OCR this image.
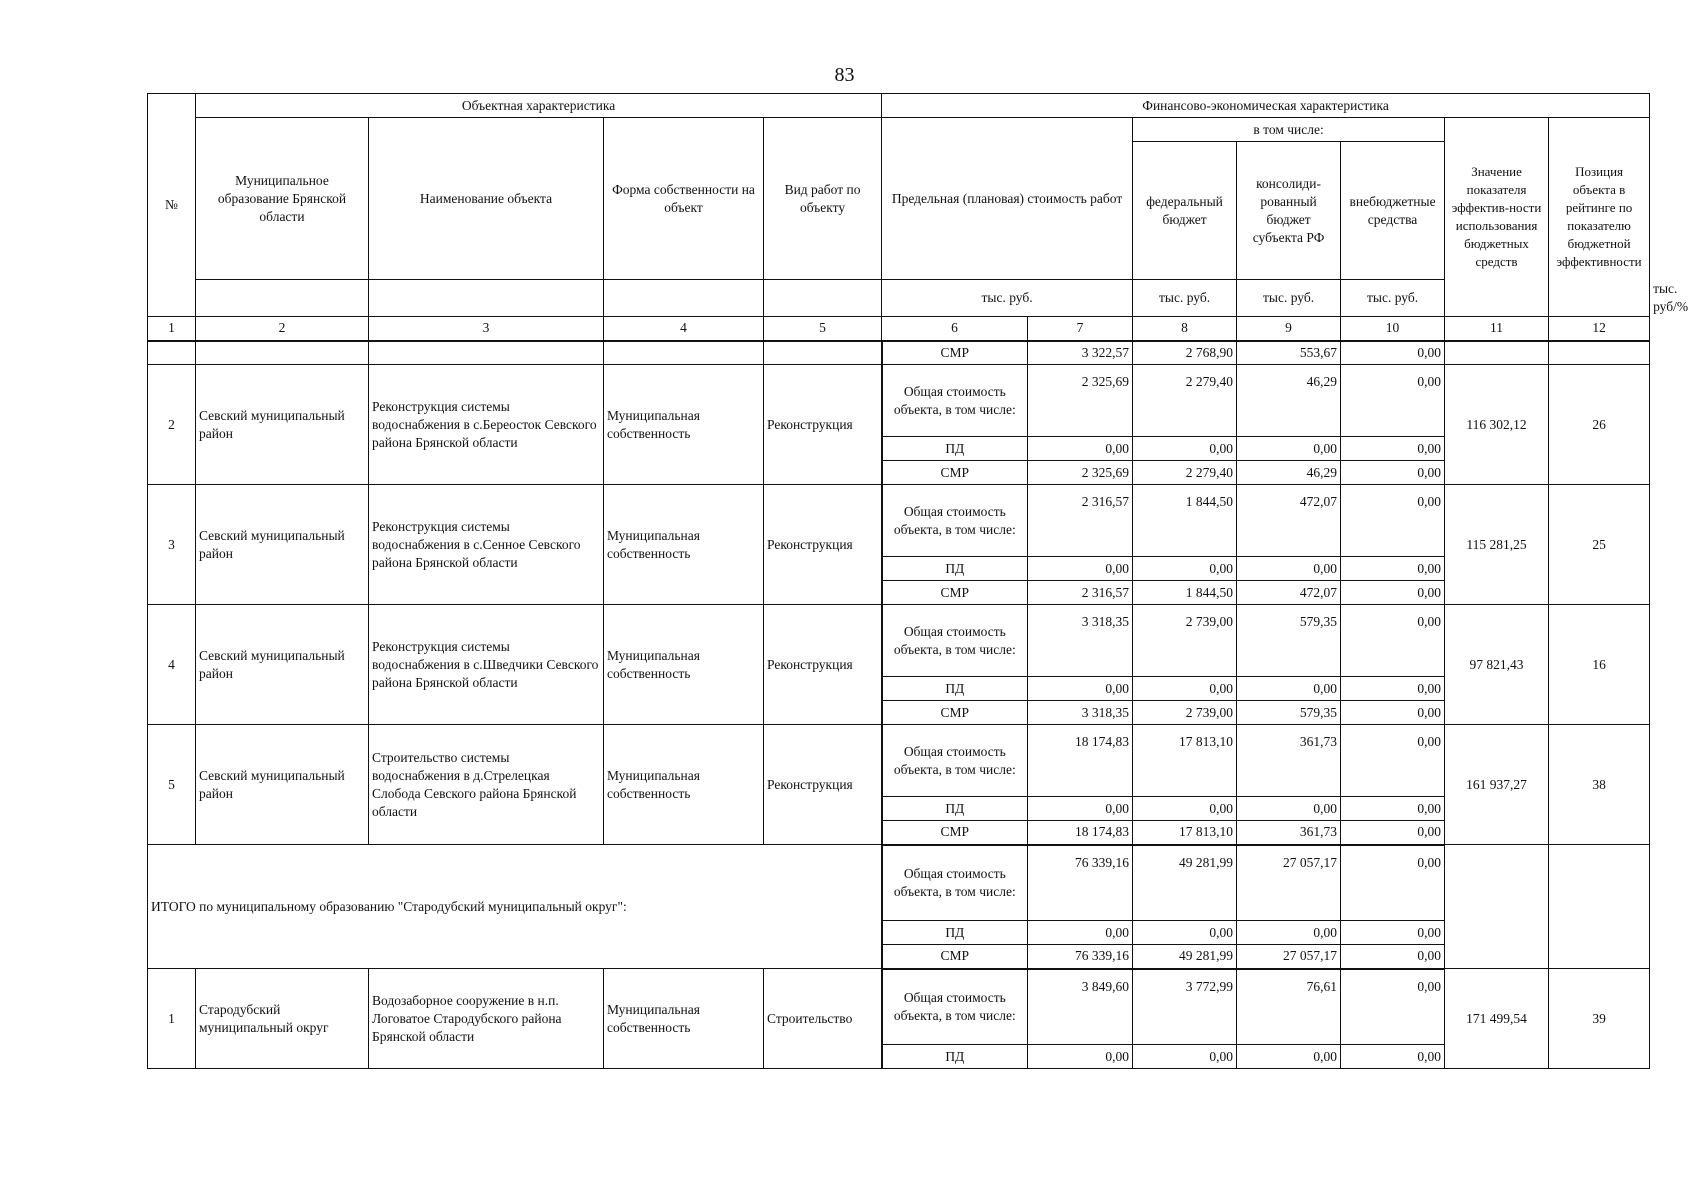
83
№	Объектная характеристика				Финансово-экономическая характеристика							
	Муниципальное образование Брянской области	Наименование объекта	Форма собственности на объект	Вид работ по объекту	Предельная (плановая) стоимость работ		в том числе:			Значение показателя эффектив-ности использования бюджетных средств	Позиция объекта в рейтинге по показателю бюджетной эффективности	
							федеральный бюджет	консолиди-рованный бюджет субъекта РФ	внебюджетные средства			
					тыс. руб.		тыс. руб.	тыс. руб.	тыс. руб.			тыс. руб/%
1	2	3	4	5	6	7	8	9	10	11	12	
					СМР	3 322,57	2 768,90	553,67	0,00			
2	Севский муниципальный район	Реконструкция системы водоснабжения в с.Береосток Севского района Брянской области	Муниципальная собственность	Реконструкция	Общая стоимость объекта, в том числе:	2 325,69	2 279,40	46,29	0,00	116 302,12	26	
					ПД	0,00	0,00	0,00	0,00			
					СМР	2 325,69	2 279,40	46,29	0,00			
3	Севский муниципальный район	Реконструкция системы водоснабжения в с.Сенное Севского района Брянской области	Муниципальная собственность	Реконструкция	Общая стоимость объекта, в том числе:	2 316,57	1 844,50	472,07	0,00	115 281,25	25	
					ПД	0,00	0,00	0,00	0,00			
					СМР	2 316,57	1 844,50	472,07	0,00			
4	Севский муниципальный район	Реконструкция системы водоснабжения в с.Шведчики Севского района Брянской области	Муниципальная собственность	Реконструкция	Общая стоимость объекта, в том числе:	3 318,35	2 739,00	579,35	0,00	97 821,43	16	
					ПД	0,00	0,00	0,00	0,00			
					СМР	3 318,35	2 739,00	579,35	0,00			
5	Севский муниципальный район	Строительство системы водоснабжения в д.Стрелецкая Слобода Севского района Брянской области	Муниципальная собственность	Реконструкция	Общая стоимость объекта, в том числе:	18 174,83	17 813,10	361,73	0,00	161 937,27	38	
					ПД	0,00	0,00	0,00	0,00			
					СМР	18 174,83	17 813,10	361,73	0,00			
ИТОГО по муниципальному образованию "Стародубский муниципальный округ":					Общая стоимость объекта, в том числе:	76 339,16	49 281,99	27 057,17	0,00			
					ПД	0,00	0,00	0,00	0,00			
					СМР	76 339,16	49 281,99	27 057,17	0,00			
1	Стародубский муниципальный округ	Водозаборное сооружение в н.п. Логоватое Стародубского района Брянской области	Муниципальная собственность	Строительство	Общая стоимость объекта, в том числе:	3 849,60	3 772,99	76,61	0,00	171 499,54	39	
					ПД	0,00	0,00	0,00	0,00			
